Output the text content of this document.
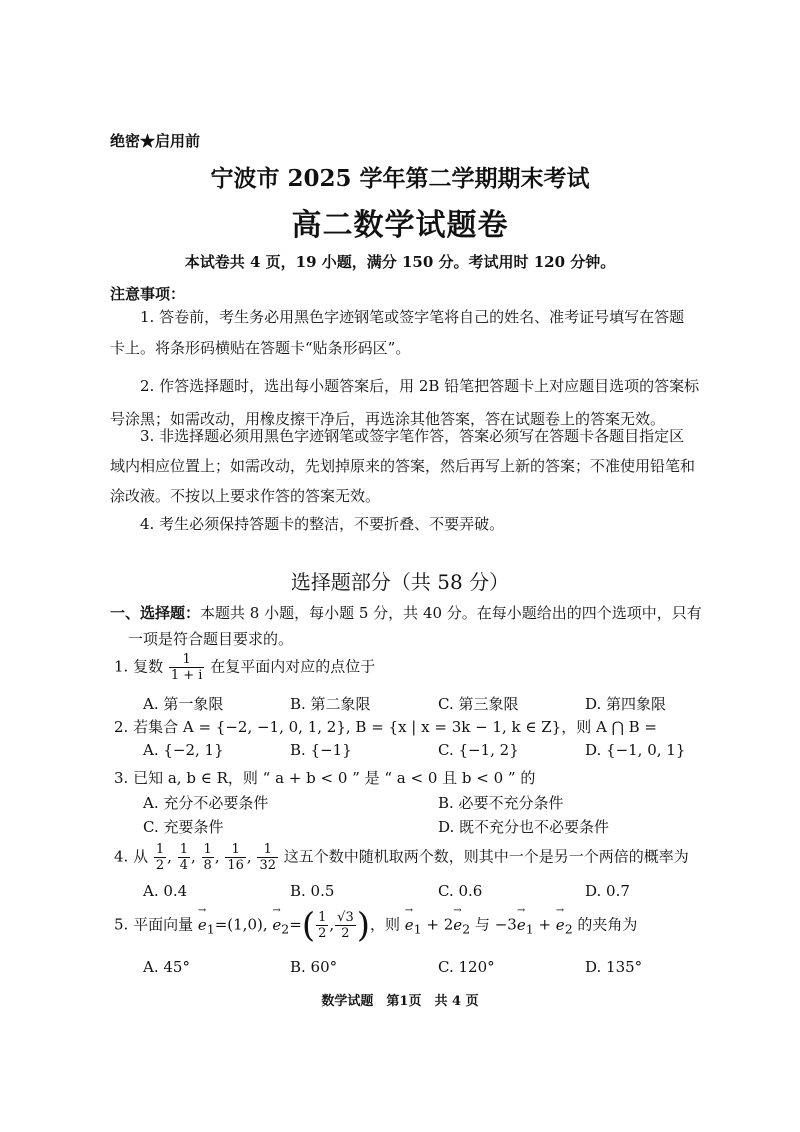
绝密★启用前
宁波市 2025 学年第二学期期末考试
高二数学试题卷
本试卷共 4 页，19 小题，满分 150 分。考试用时 120 分钟。
注意事项：
1. 答卷前，考生务必用黑色字迹钢笔或签字笔将自己的姓名、准考证号填写在答题
卡上。将条形码横贴在答题卡“贴条形码区”。
2. 作答选择题时，选出每小题答案后，用 2B 铅笔把答题卡上对应题目选项的答案标
号涂黑；如需改动，用橡皮擦干净后，再选涂其他答案，答在试题卷上的答案无效。
3. 非选择题必须用黑色字迹钢笔或签字笔作答，答案必须写在答题卡各题目指定区
域内相应位置上；如需改动，先划掉原来的答案，然后再写上新的答案；不准使用铅笔和
涂改液。不按以上要求作答的答案无效。
4. 考生必须保持答题卡的整洁，不要折叠、不要弄破。
选择题部分（共 58 分）
一、选择题：本题共 8 小题，每小题 5 分，共 40 分。在每小题给出的四个选项中，只有
一项是符合题目要求的。
1. 复数 $\frac{1}{1 + i}$ 在复平面内对应的点位于
A. 第一象限	B. 第二象限	C. 第三象限	D. 第四象限
2. 若集合 A = {−2, −1, 0, 1, 2}, B = {x | x = 3k − 1, k ∈ Z}，则 A ⋂ B =
A. {−2, 1}	B. {−1}	C. {−1, 2}	D. {−1, 0, 1}
3. 已知 a, b ∈ R，则 “ a + b < 0 ” 是 “ a < 0 且 b < 0 ” 的
A. 充分不必要条件	B. 必要不充分条件
C. 充要条件	D. 既不充分也不必要条件
4. 从 $\frac{1}{2}$ , $\frac{1}{4}$ , $\frac{1}{8}$ , $\frac{1}{16}$ , $\frac{1}{32}$ 这五个数中随机取两个数，则其中一个是另一个两倍的概率为
A. 0.4	B. 0.5	C. 0.6	D. 0.7
5. 平面向量 → $e_1=(1,0)$, → $e_2=( \frac{1}{2}$ , $\frac{√3}{2}$ )，则 → $e_1 + 2\to e_2$ 与 $-3\to e_1$ + → $e_2$ 的夹角为
A. 45°	B. 60°	C. 120°	D. 135°
数学试题　第1页　共 4 页
